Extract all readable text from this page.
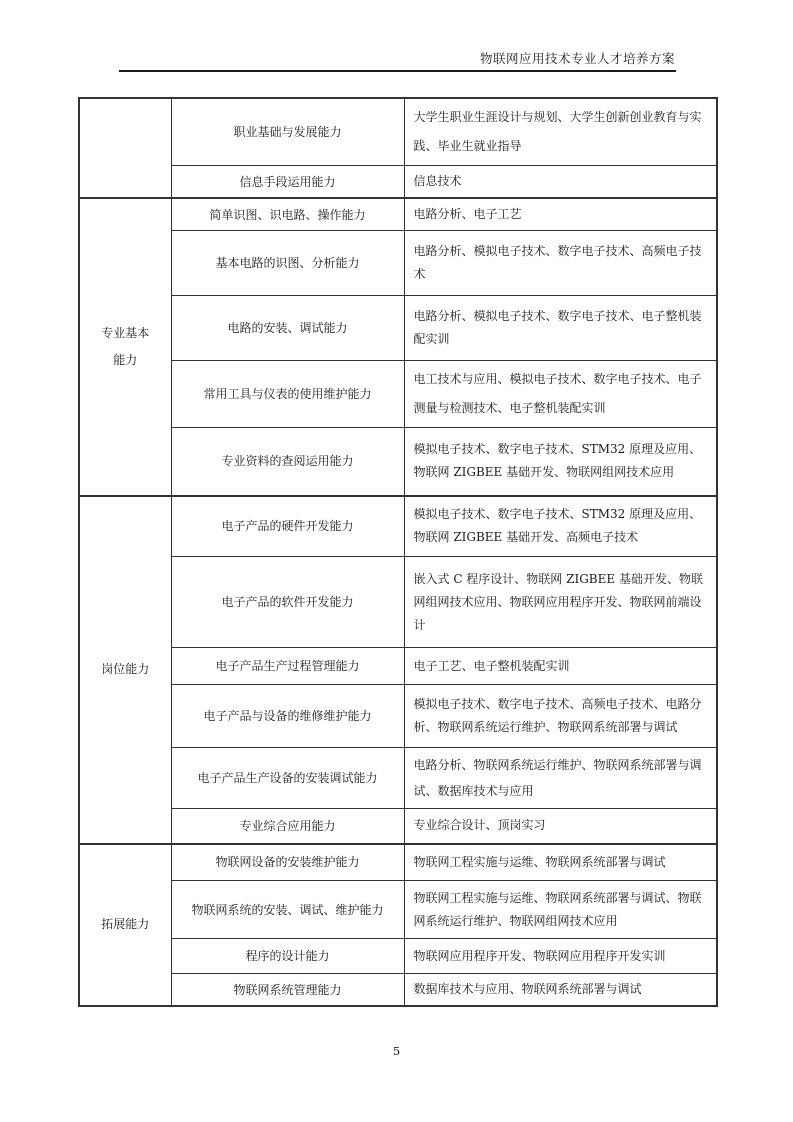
物联网应用技术专业人才培养方案
	职业基础与发展能力	大学生职业生涯设计与规划、大学生创新创业教育与实践、毕业生就业指导
	信息手段运用能力	信息技术

专业基本
能力	简单识图、识电路、操作能力	电路分析、电子工艺
	基本电路的识图、分析能力	电路分析、模拟电子技术、数字电子技术、高频电子技术
	电路的安装、调试能力	电路分析、模拟电子技术、数字电子技术、电子整机装配实训
	常用工具与仪表的使用维护能力	电工技术与应用、模拟电子技术、数字电子技术、电子测量与检测技术、电子整机装配实训
	专业资料的查阅运用能力	模拟电子技术、数字电子技术、STM32 原理及应用、物联网 ZIGBEE 基础开发、物联网组网技术应用

岗位能力	电子产品的硬件开发能力	模拟电子技术、数字电子技术、STM32 原理及应用、物联网 ZIGBEE 基础开发、高频电子技术
	电子产品的软件开发能力	嵌入式 C 程序设计、物联网 ZIGBEE 基础开发、物联网组网技术应用、物联网应用程序开发、物联网前端设计
	电子产品生产过程管理能力	电子工艺、电子整机装配实训
	电子产品与设备的维修维护能力	模拟电子技术、数字电子技术、高频电子技术、电路分析、物联网系统运行维护、物联网系统部署与调试
	电子产品生产设备的安装调试能力	电路分析、物联网系统运行维护、物联网系统部署与调试、数据库技术与应用
	专业综合应用能力	专业综合设计、顶岗实习

拓展能力	物联网设备的安装维护能力	物联网工程实施与运维、物联网系统部署与调试
	物联网系统的安装、调试、维护能力	物联网工程实施与运维、物联网系统部署与调试、物联网系统运行维护、物联网组网技术应用
	程序的设计能力	物联网应用程序开发、物联网应用程序开发实训
	物联网系统管理能力	数据库技术与应用、物联网系统部署与调试
5
